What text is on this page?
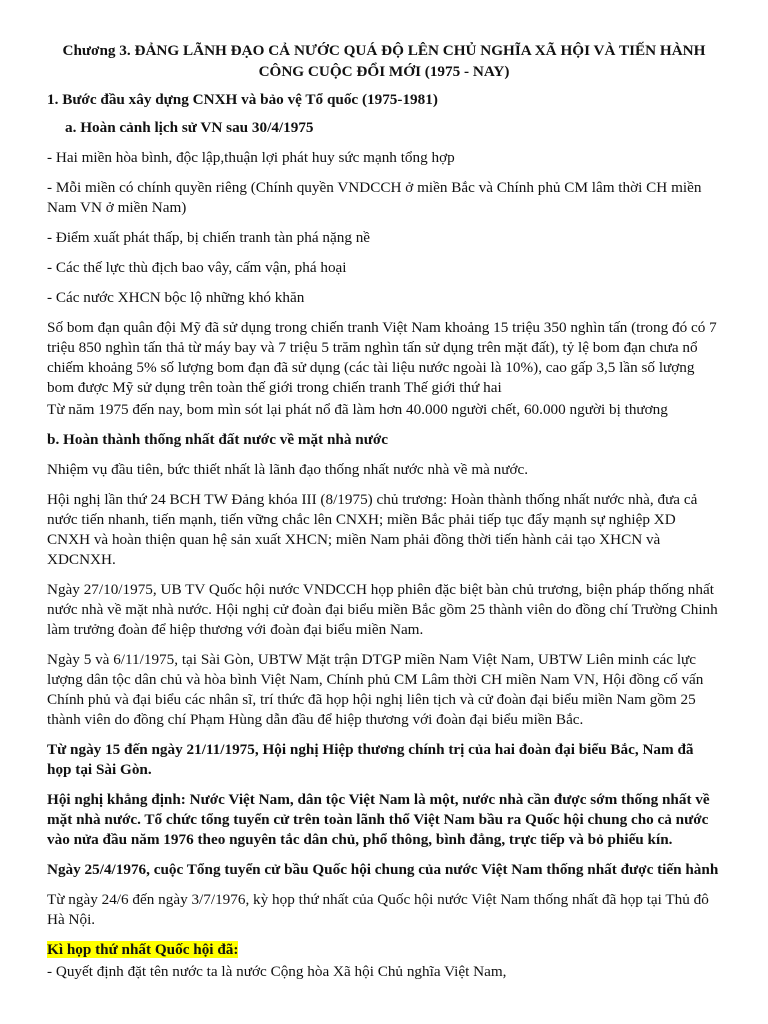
Chương 3. ĐẢNG LÃNH ĐẠO CẢ NƯỚC QUÁ ĐỘ LÊN CHỦ NGHĨA XÃ HỘI VÀ TIẾN HÀNH CÔNG CUỘC ĐỔI MỚI (1975 - NAY)
1. Bước đầu xây dựng CNXH và bảo vệ Tổ quốc (1975-1981)
a. Hoàn cảnh lịch sử VN sau 30/4/1975

- Hai miền hòa bình, độc lập,thuận lợi phát huy sức mạnh tổng hợp

- Mỗi miền có chính quyền riêng (Chính quyền VNDCCH ở miền Bắc và Chính phủ CM lâm thời CH miền Nam VN ở miền Nam)

- Điểm xuất phát thấp, bị chiến tranh tàn phá nặng nề

- Các thế lực thù địch bao vây, cấm vận, phá hoại

- Các nước XHCN bộc lộ những khó khăn

Số bom đạn quân đội Mỹ đã sử dụng trong chiến tranh Việt Nam khoảng 15 triệu 350 nghìn tấn (trong đó có 7 triệu 850 nghìn tấn thả từ máy bay và 7 triệu 5 trăm nghìn tấn sử dụng trên mặt đất), tỷ lệ bom đạn chưa nổ chiếm khoảng 5% số lượng bom đạn đã sử dụng (các tài liệu nước ngoài là 10%), cao gấp 3,5 lần số lượng bom được Mỹ sử dụng trên toàn thế giới trong chiến tranh Thế giới thứ hai

Từ năm 1975 đến nay, bom mìn sót lại phát nổ đã làm hơn 40.000 người chết, 60.000 người bị thương

b. Hoàn thành thống nhất đất nước về mặt nhà nước

Nhiệm vụ đầu tiên, bức thiết nhất là lãnh đạo thống nhất nước nhà về mà nước.

Hội nghị lần thứ 24 BCH TW Đảng khóa III (8/1975) chủ trương: Hoàn thành thống nhất nước nhà, đưa cả nước tiến nhanh, tiến mạnh, tiến vững chắc lên CNXH; miền Bắc phải tiếp tục đẩy mạnh sự nghiệp XD CNXH và hoàn thiện quan hệ sản xuất XHCN; miền Nam phải đồng thời tiến hành cải tạo XHCN và XDCNXH.

Ngày 27/10/1975, UB TV Quốc hội nước VNDCCH họp phiên đặc biệt bàn chủ trương, biện pháp thống nhất nước nhà về mặt nhà nước. Hội nghị cử đoàn đại biểu miền Bắc gồm 25 thành viên do đồng chí Trường Chinh làm trưởng đoàn để hiệp thương với đoàn đại biểu miền Nam.

Ngày 5 và 6/11/1975, tại Sài Gòn, UBTW Mặt trận DTGP miền Nam Việt Nam, UBTW Liên minh các lực lượng dân tộc dân chủ và hòa bình Việt Nam, Chính phủ CM Lâm thời CH miền Nam VN, Hội đồng cố vấn Chính phủ và đại biểu các nhân sĩ, trí thức đã họp hội nghị liên tịch và cử đoàn đại biểu miền Nam gồm 25 thành viên do đồng chí Phạm Hùng dẫn đầu để hiệp thương với đoàn đại biểu miền Bắc.

Từ ngày 15 đến ngày 21/11/1975, Hội nghị Hiệp thương chính trị của hai đoàn đại biểu Bắc, Nam đã họp tại Sài Gòn.

Hội nghị khẳng định: Nước Việt Nam, dân tộc Việt Nam là một, nước nhà cần được sớm thống nhất về mặt nhà nước. Tổ chức tổng tuyển cử trên toàn lãnh thổ Việt Nam bầu ra Quốc hội chung cho cả nước vào nửa đầu năm 1976 theo nguyên tắc dân chủ, phổ thông, bình đẳng, trực tiếp và bỏ phiếu kín.

Ngày 25/4/1976, cuộc Tổng tuyển cử bầu Quốc hội chung của nước Việt Nam thống nhất được tiến hành

Từ ngày 24/6 đến ngày 3/7/1976, kỳ họp thứ nhất của Quốc hội nước Việt Nam thống nhất đã họp tại Thủ đô Hà Nội.

Kì họp thứ nhất Quốc hội đã:

- Quyết định đặt tên nước ta là nước Cộng hòa Xã hội Chủ nghĩa Việt Nam,
